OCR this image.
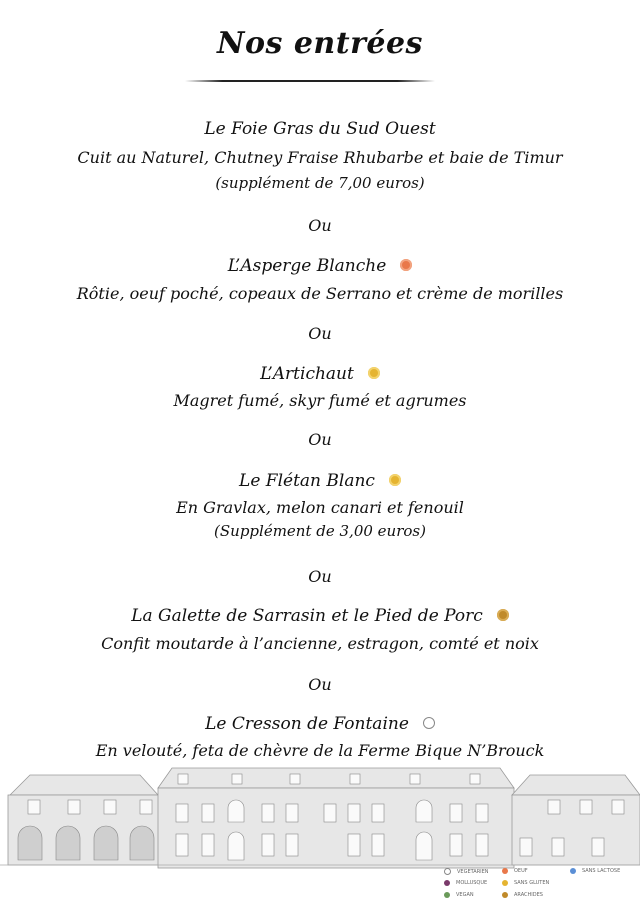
Nos entrées
Le Foie Gras du Sud Ouest
Cuit au Naturel, Chutney Fraise Rhubarbe et baie de Timur
(supplément de 7,00 euros)
Ou
L’Asperge Blanche
Rôtie, oeuf poché, copeaux de Serrano et crème de morilles
Ou
L’Artichaut
Magret fumé, skyr fumé et agrumes
Ou
Le Flétan Blanc
En Gravlax, melon canari et fenouil
(Supplément de 3,00 euros)
Ou
La Galette de Sarrasin et le Pied de Porc
Confit moutarde à l’ancienne, estragon, comté et noix
Ou
Le Cresson de Fontaine
En velouté, feta de chèvre de la Ferme Bique N’Brouck
VEGETARIEN
MOLLUSQUE
VEGAN
OEUF
SANS GLUTEN
ARACHIDES
SANS LACTOSE
